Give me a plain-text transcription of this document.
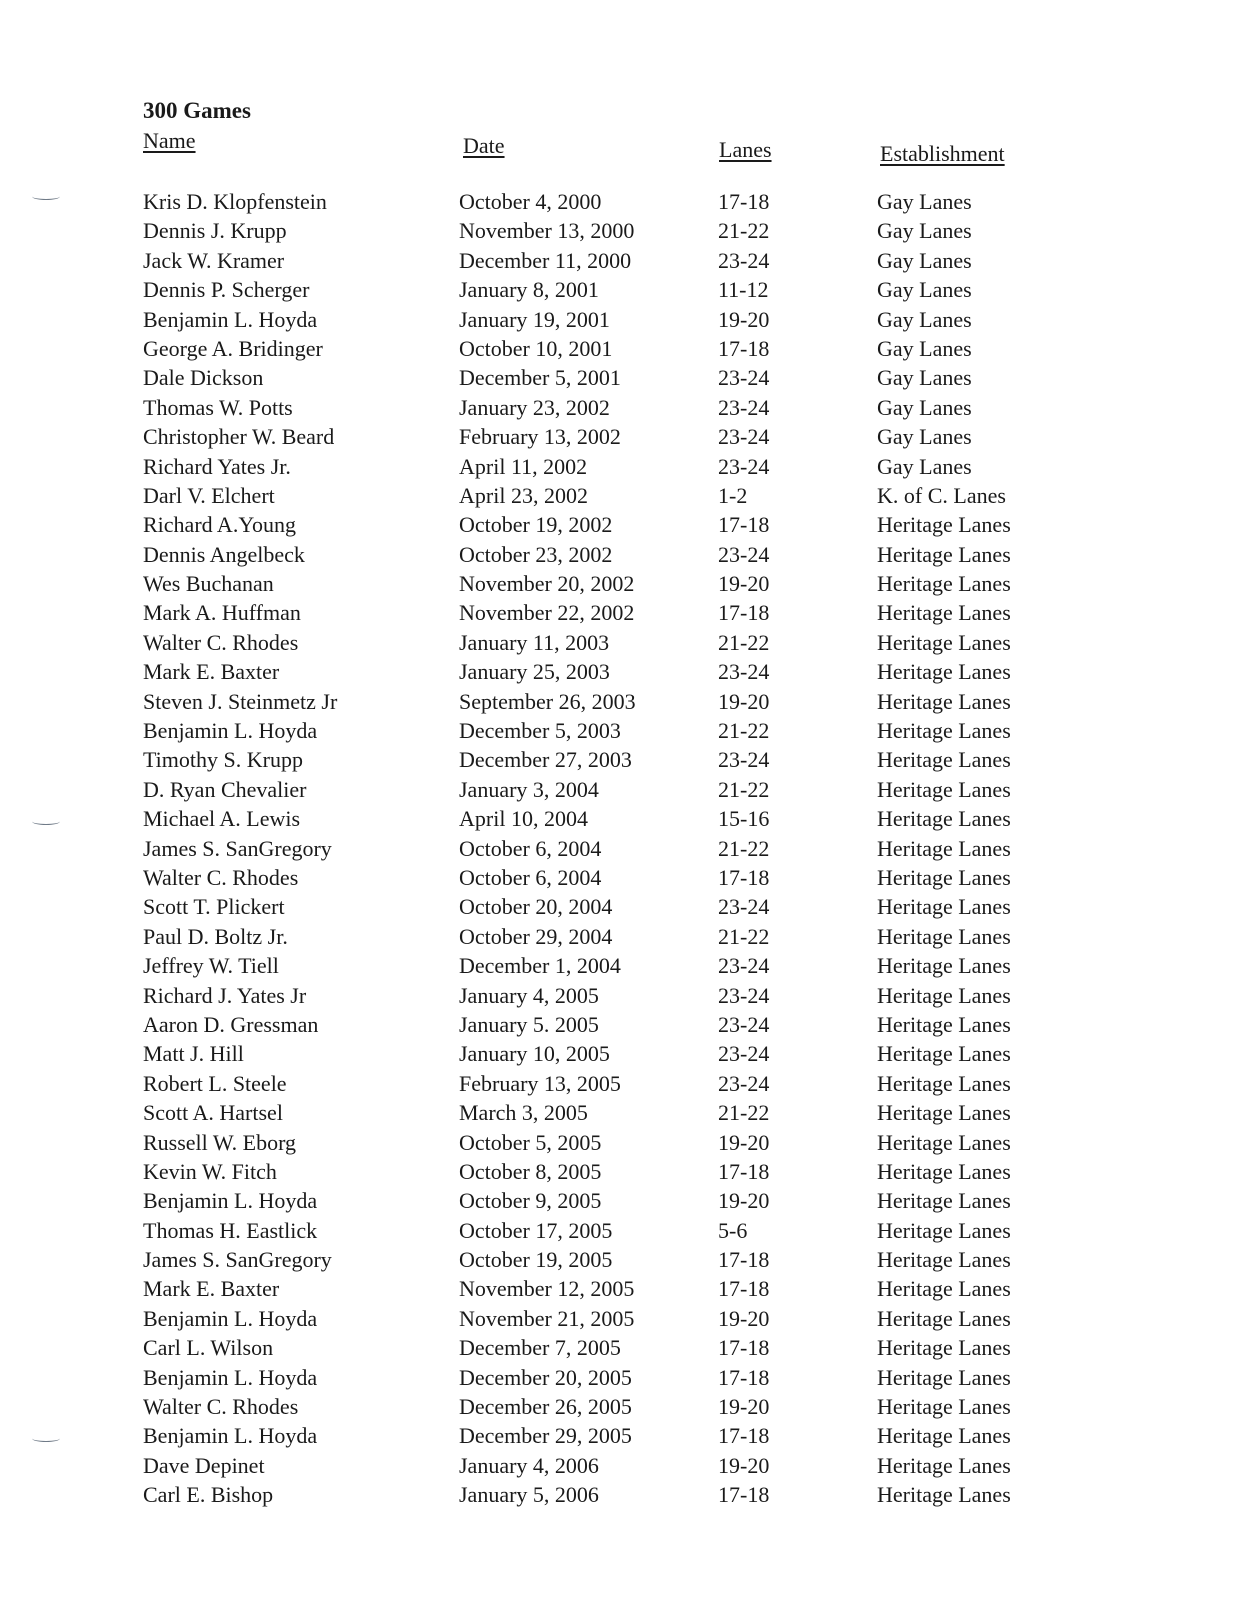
300 Games
Name	Date	Lanes	Establishment
Kris D. Klopfenstein	October 4, 2000	17-18	Gay Lanes
Dennis J. Krupp	November 13, 2000	21-22	Gay Lanes
Jack W. Kramer	December 11, 2000	23-24	Gay Lanes
Dennis P. Scherger	January 8, 2001	11-12	Gay Lanes
Benjamin L. Hoyda	January 19, 2001	19-20	Gay Lanes
George A. Bridinger	October 10, 2001	17-18	Gay Lanes
Dale Dickson	December 5, 2001	23-24	Gay Lanes
Thomas W. Potts	January 23, 2002	23-24	Gay Lanes
Christopher W. Beard	February 13, 2002	23-24	Gay Lanes
Richard Yates Jr.	April 11, 2002	23-24	Gay Lanes
Darl V. Elchert	April 23, 2002	1-2	K. of C. Lanes
Richard A.Young	October 19, 2002	17-18	Heritage Lanes
Dennis Angelbeck	October 23, 2002	23-24	Heritage Lanes
Wes Buchanan	November 20, 2002	19-20	Heritage Lanes
Mark A. Huffman	November 22, 2002	17-18	Heritage Lanes
Walter C. Rhodes	January 11, 2003	21-22	Heritage Lanes
Mark E. Baxter	January 25, 2003	23-24	Heritage Lanes
Steven J. Steinmetz Jr	September 26, 2003	19-20	Heritage Lanes
Benjamin L. Hoyda	December 5, 2003	21-22	Heritage Lanes
Timothy S. Krupp	December 27, 2003	23-24	Heritage Lanes
D. Ryan Chevalier	January 3, 2004	21-22	Heritage Lanes
Michael A. Lewis	April 10, 2004	15-16	Heritage Lanes
James S. SanGregory	October 6, 2004	21-22	Heritage Lanes
Walter C. Rhodes	October 6, 2004	17-18	Heritage Lanes
Scott T. Plickert	October 20, 2004	23-24	Heritage Lanes
Paul D. Boltz Jr.	October 29, 2004	21-22	Heritage Lanes
Jeffrey W. Tiell	December 1, 2004	23-24	Heritage Lanes
Richard J. Yates Jr	January 4, 2005	23-24	Heritage Lanes
Aaron D. Gressman	January 5. 2005	23-24	Heritage Lanes
Matt J. Hill	January 10, 2005	23-24	Heritage Lanes
Robert L. Steele	February 13, 2005	23-24	Heritage Lanes
Scott A. Hartsel	March 3, 2005	21-22	Heritage Lanes
Russell W. Eborg	October 5, 2005	19-20	Heritage Lanes
Kevin W. Fitch	October 8, 2005	17-18	Heritage Lanes
Benjamin L. Hoyda	October 9, 2005	19-20	Heritage Lanes
Thomas H. Eastlick	October 17, 2005	5-6	Heritage Lanes
James S. SanGregory	October 19, 2005	17-18	Heritage Lanes
Mark E. Baxter	November 12, 2005	17-18	Heritage Lanes
Benjamin L. Hoyda	November 21, 2005	19-20	Heritage Lanes
Carl L. Wilson	December 7, 2005	17-18	Heritage Lanes
Benjamin L. Hoyda	December 20, 2005	17-18	Heritage Lanes
Walter C. Rhodes	December 26, 2005	19-20	Heritage Lanes
Benjamin L. Hoyda	December 29, 2005	17-18	Heritage Lanes
Dave Depinet	January 4, 2006	19-20	Heritage Lanes
Carl E. Bishop	January 5, 2006	17-18	Heritage Lanes
